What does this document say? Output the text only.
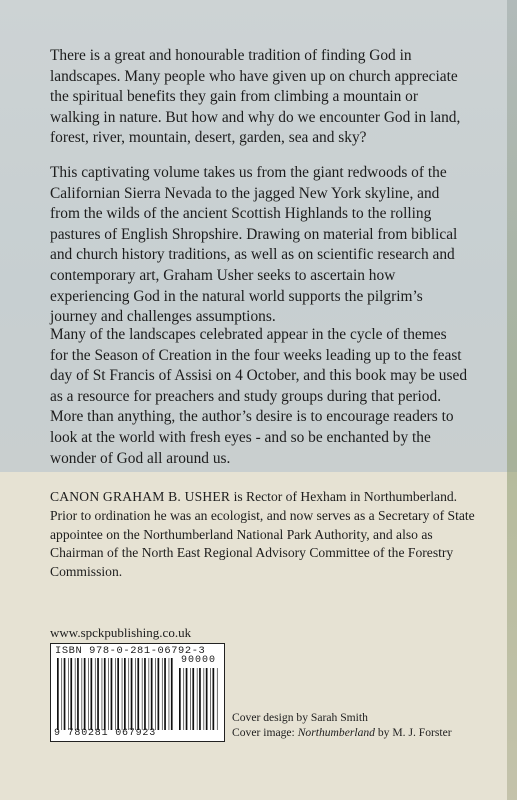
There is a great and honourable tradition of finding God in landscapes. Many people who have given up on church appreciate the spiritual benefits they gain from climbing a mountain or walking in nature. But how and why do we encounter God in land, forest, river, mountain, desert, garden, sea and sky?

This captivating volume takes us from the giant redwoods of the Californian Sierra Nevada to the jagged New York skyline, and from the wilds of the ancient Scottish Highlands to the rolling pastures of English Shropshire. Drawing on material from biblical and church history traditions, as well as on scientific research and contemporary art, Graham Usher seeks to ascertain how experiencing God in the natural world supports the pilgrim’s journey and challenges assumptions.

Many of the landscapes celebrated appear in the cycle of themes for the Season of Creation in the four weeks leading up to the feast day of St Francis of Assisi on 4 October, and this book may be used as a resource for preachers and study groups during that period. More than anything, the author’s desire is to encourage readers to look at the world with fresh eyes - and so be enchanted by the wonder of God all around us.

CANON GRAHAM B. USHER is Rector of Hexham in Northumberland. Prior to ordination he was an ecologist, and now serves as a Secretary of State appointee on the Northumberland National Park Authority, and also as Chairman of the North East Regional Advisory Committee of the Forestry Commission.

www.spckpublishing.co.uk

ISBN 978-0-281-06792-3
90000
9 780281 067923

Cover design by Sarah Smith
Cover image: Northumberland by M. J. Forster
